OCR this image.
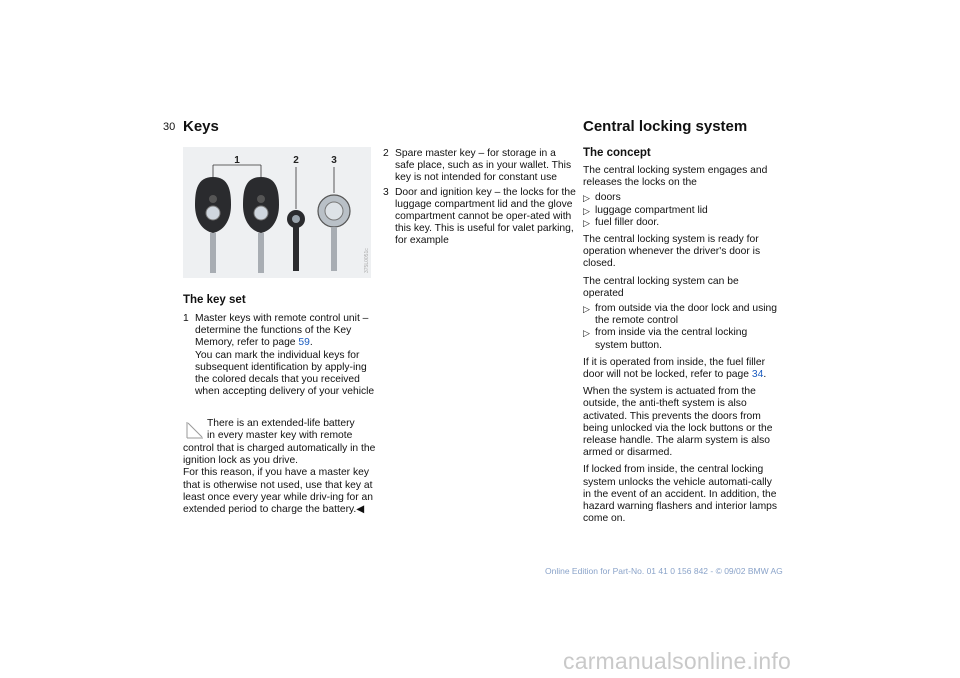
30 Keys
1	2	3
375L0051c
The key set
1 Master keys with remote control unit – determine the functions of the Key Memory, refer to page 59.
You can mark the individual keys for subsequent identification by apply-ing the colored decals that you received when accepting delivery of your vehicle
There is an extended-life battery
in every master key with remote
control that is charged automatically in the ignition lock as you drive.
For this reason, if you have a master key that is otherwise not used, use that key at least once every year while driv-ing for an extended period to charge the battery.◀
2 Spare master key – for storage in a safe place, such as in your wallet. This key is not intended for constant use
3 Door and ignition key – the locks for the luggage compartment lid and the glove compartment cannot be oper-ated with this key. This is useful for valet parking, for example
Central locking system
The concept

The central locking system engages and releases the locks on the

▷ doors
▷ luggage compartment lid
▷ fuel filler door.

The central locking system is ready for operation whenever the driver's door is closed.

The central locking system can be operated

▷ from outside via the door lock and using the remote control
▷ from inside via the central locking system button.

If it is operated from inside, the fuel filler door will not be locked, refer to page 34.

When the system is actuated from the outside, the anti-theft system is also activated. This prevents the doors from being unlocked via the lock buttons or the release handle. The alarm system is also armed or disarmed.

If locked from inside, the central locking system unlocks the vehicle automati-cally in the event of an accident. In addition, the hazard warning flashers and interior lamps come on.

Online Edition for Part-No. 01 41 0 156 842 - © 09/02 BMW AG
carmanualsonline.info
